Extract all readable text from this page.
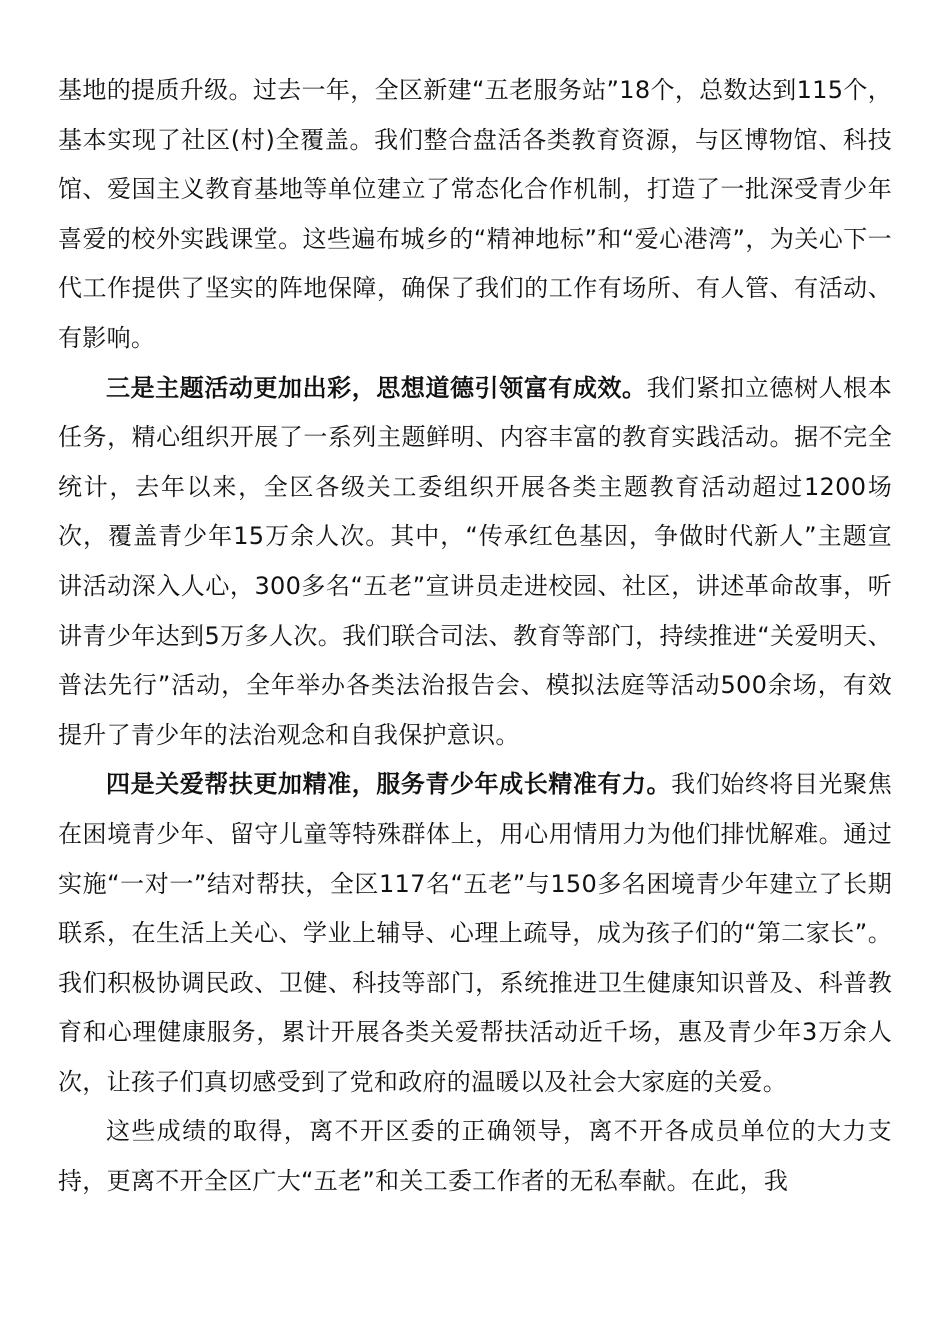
基地的提质升级。过去一年，全区新建“五老服务站”18个，总数达到115个，基本实现了社区(村)全覆盖。我们整合盘活各类教育资源，与区博物馆、科技馆、爱国主义教育基地等单位建立了常态化合作机制，打造了一批深受青少年喜爱的校外实践课堂。这些遍布城乡的“精神地标”和“爱心港湾”，为关心下一代工作提供了坚实的阵地保障，确保了我们的工作有场所、有人管、有活动、有影响。

三是主题活动更加出彩，思想道德引领富有成效。我们紧扣立德树人根本任务，精心组织开展了一系列主题鲜明、内容丰富的教育实践活动。据不完全统计，去年以来，全区各级关工委组织开展各类主题教育活动超过1200场次，覆盖青少年15万余人次。其中，“传承红色基因，争做时代新人”主题宣讲活动深入人心，300多名“五老”宣讲员走进校园、社区，讲述革命故事，听讲青少年达到5万多人次。我们联合司法、教育等部门，持续推进“关爱明天、普法先行”活动，全年举办各类法治报告会、模拟法庭等活动500余场，有效提升了青少年的法治观念和自我保护意识。

四是关爱帮扶更加精准，服务青少年成长精准有力。我们始终将目光聚焦在困境青少年、留守儿童等特殊群体上，用心用情用力为他们排忧解难。通过实施“一对一”结对帮扶，全区117名“五老”与150多名困境青少年建立了长期联系，在生活上关心、学业上辅导、心理上疏导，成为孩子们的“第二家长”。我们积极协调民政、卫健、科技等部门，系统推进卫生健康知识普及、科普教育和心理健康服务，累计开展各类关爱帮扶活动近千场，惠及青少年3万余人次，让孩子们真切感受到了党和政府的温暖以及社会大家庭的关爱。

这些成绩的取得，离不开区委的正确领导，离不开各成员单位的大力支持，更离不开全区广大“五老”和关工委工作者的无私奉献。在此，我
